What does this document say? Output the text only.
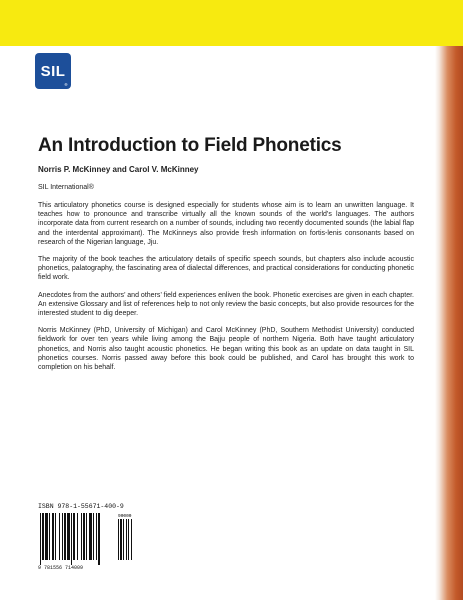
SIL
®
An Introduction to Field Phonetics

Norris P. McKinney and Carol V. McKinney

SIL International®

This articulatory phonetics course is designed especially for students whose aim is to learn an unwritten language. It teaches how to pronounce and transcribe virtually all the known sounds of the world’s languages. The authors incorporate data from current research on a number of sounds, including two recently documented sounds (the labial flap and the interdental approximant). The McKinneys also provide fresh information on fortis-lenis consonants based on research of the Nigerian language, Jju.

The majority of the book teaches the articulatory details of specific speech sounds, but chapters also include acoustic phonetics, palatography, the fascinating area of dialectal differences, and practical considerations for conducting phonetic field work.

Anecdotes from the authors’ and others’ field experiences enliven the book. Phonetic exercises are given in each chapter. An extensive Glossary and list of references help to not only review the basic concepts, but also provide resources for the interested student to dig deeper.

Norris McKinney (PhD, University of Michigan) and Carol McKinney (PhD, Southern Methodist University) conducted fieldwork for over ten years while living among the Bajju people of northern Nigeria. Both have taught articulatory phonetics, and Norris also taught acoustic phonetics. He began writing this book as an update on data taught in SIL phonetics courses. Norris passed away before this book could be published, and Carol has brought this work to completion on his behalf.

ISBN 978-1-55671-400-9
90000
9 781556 714009
